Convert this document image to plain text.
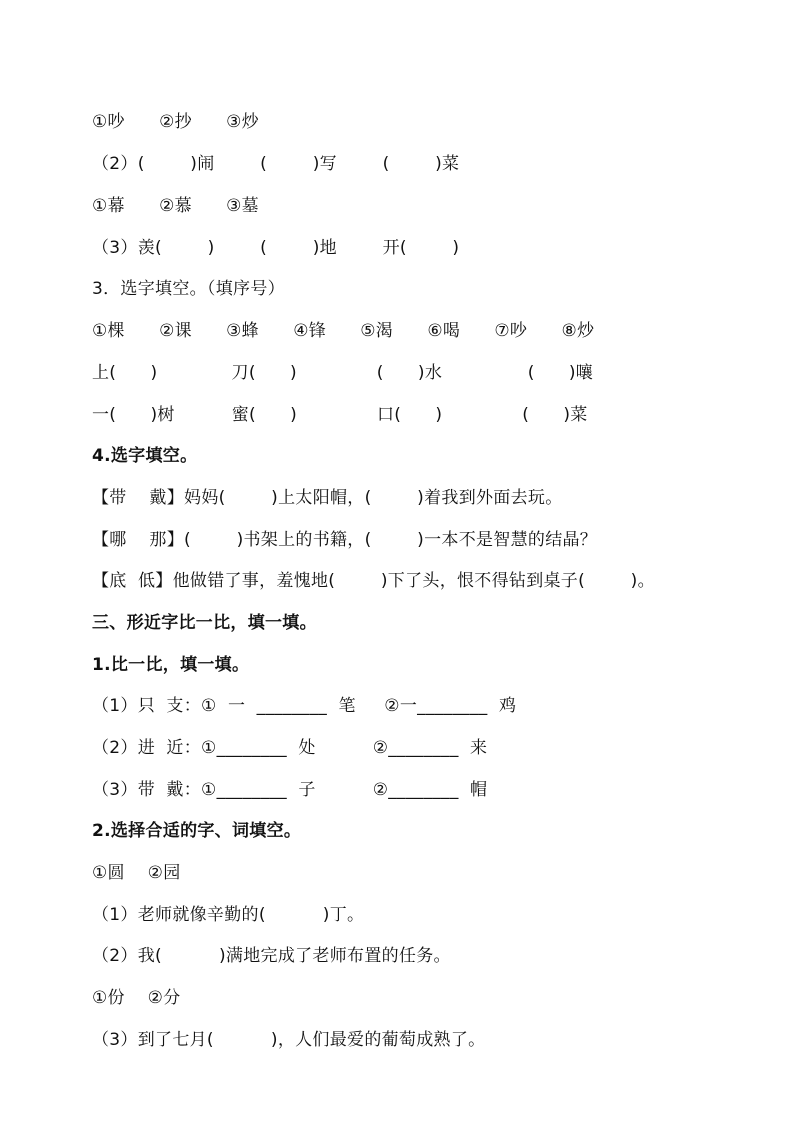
①吵      ②抄      ③炒
（2）(        )闹        (        )写        (        )菜
①幕      ②慕      ③墓
（3）羡(        )        (        )地        开(        )
3．选字填空。（填序号）
①棵      ②课      ③蜂      ④锋      ⑤渴      ⑥喝      ⑦吵      ⑧炒
上(      )             刀(      )              (      )水               (      )嚷
一(      )树          蜜(      )              口(      )              (      )菜
4.选字填空。
【带    戴】妈妈(        )上太阳帽，(        )着我到外面去玩。
【哪    那】(        )书架上的书籍，(        )一本不是智慧的结晶？
【底  低】他做错了事，羞愧地(        )下了头，恨不得钻到桌子(        )。
三、形近字比一比，填一填。
1.比一比，填一填。
（1）只  支：①  一  ________  笔     ②一________  鸡
（2）进  近：①________  处          ②________  来
（3）带  戴：①________  子          ②________  帽
2.选择合适的字、词填空。
①圆    ②园
（1）老师就像辛勤的(          )丁。
（2）我(          )满地完成了老师布置的任务。
①份    ②分
（3）到了七月(          )，人们最爱的葡萄成熟了。
